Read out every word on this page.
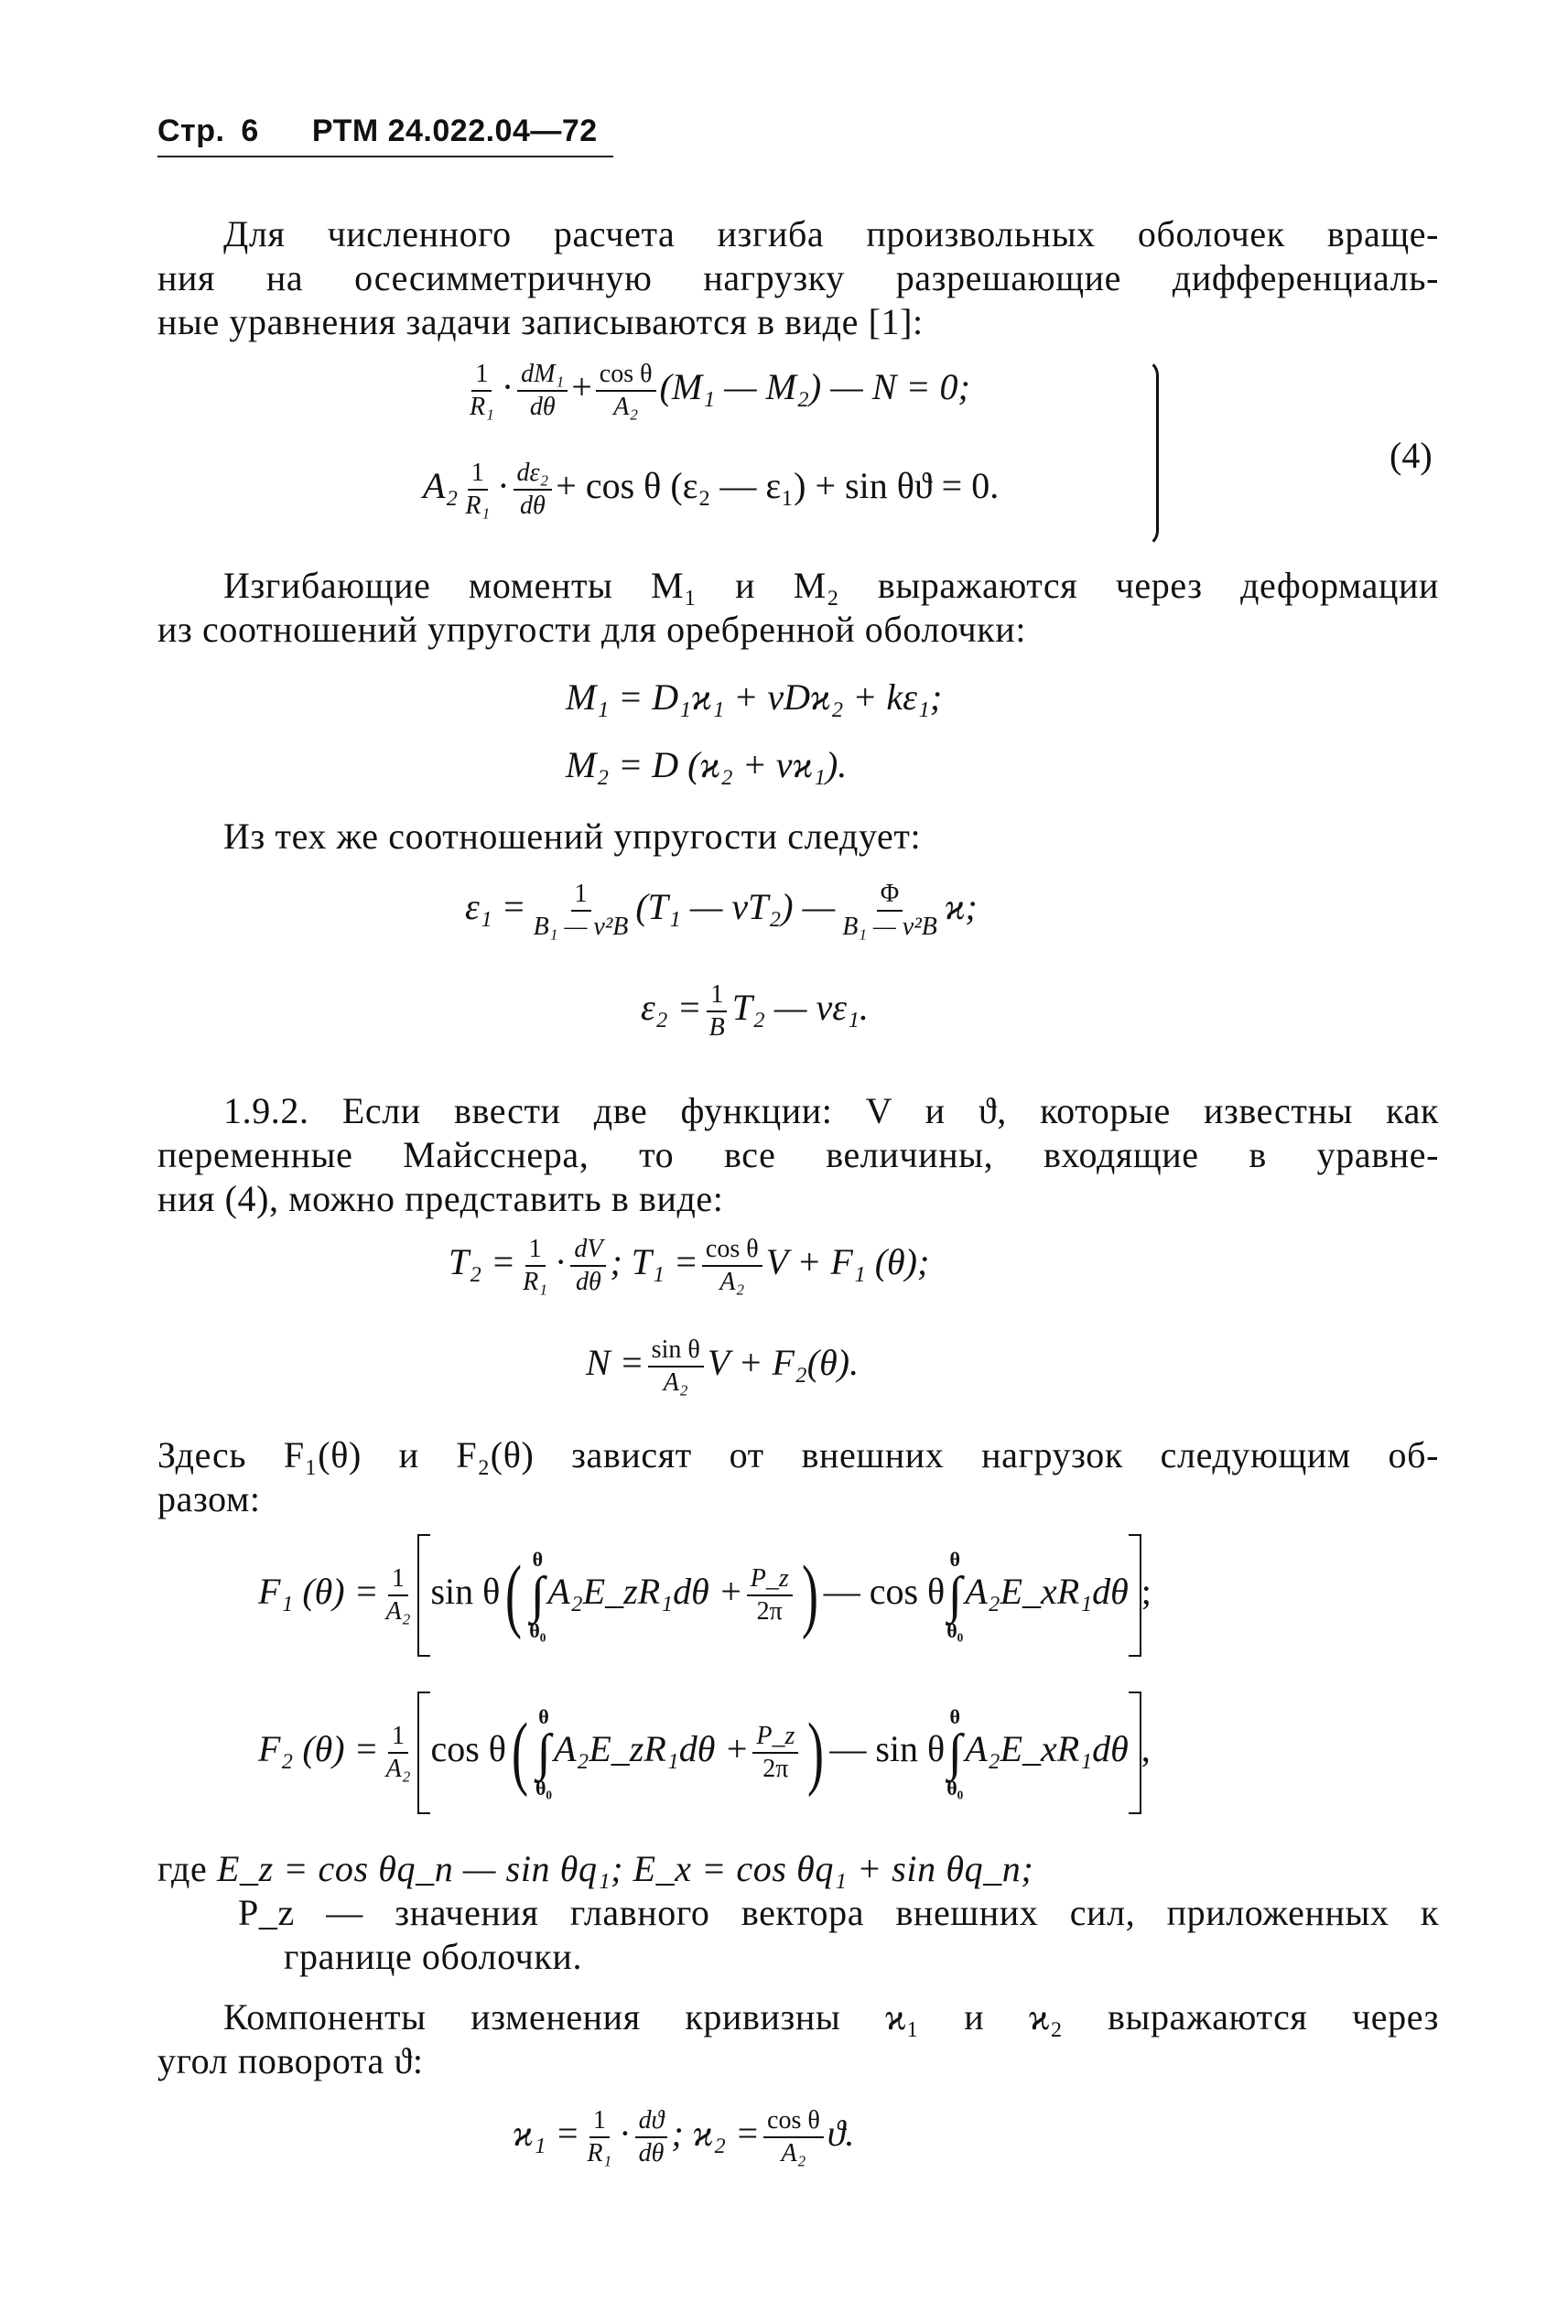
Стр. 6 РТМ 24.022.04—72
Для численного расчета изгиба произвольных оболочек враще-
ния на осесимметричную нагрузку разрешающие дифференциаль-
ные уравнения задачи записываются в виде [1]:
$\frac{1}{\text{R₁}} \cdot \frac{\text{dM₁}}{d\theta} + \frac{\text{cos θ}}{\text{A₂}} (M_1$ — M₂) — N = 0;
$A_2 \frac{1}{\text{R₁}} \cdot \frac{\text{dε₂}}{d\theta} + \cos \theta$ (ε₂ — ε₁) + sin θϑ = 0.
(4)
Изгибающие моменты M₁ и M₂ выражаются через деформации
из соотношений упругости для оребренной оболочки:
M₁ = D₁ϰ₁ + νDϰ₂ + kε₁;
M₂ = D (ϰ₂ + νϰ₁).
Из тех же соотношений упругости следует:
$\varepsilon_1 = \frac{1}{\text{B₁ — ν²B}} (T_1$ — νT₂) — $\frac{\Phi}{\text{B₁ — ν²B}} ϰ$;
$\varepsilon_2 = \frac{1}{B} T_2$ — νε₁.
1.9.2. Если ввести две функции: V и ϑ, которые известны как
переменные Майсснера, то все величины, входящие в уравне-
ния (4), можно представить в виде:
$T_2 = \frac{1}{\text{R₁}} \cdot \frac{dV}{d\theta}$ ; $T_1 = \frac{\text{cos θ}}{\text{A₂}}$ V + F₁ (θ);
$N = \frac{\text{sin θ}}{\text{A₂}}$ V + F₂(θ).
Здесь F₁(θ) и F₂(θ) зависят от внешних нагрузок следующим об-
разом:
F₁ $(\theta) = \frac{1}{\text{A₂}}$ sin θ( θ
∫
θ₀
A₂E_zR₁dθ + $\frac{P\_z}{2\pi}$ ) — cos θ
θ
∫
θ₀
A₂E_xR₁dθ ;
F₂ $(\theta) = \frac{1}{\text{A₂}}$ cos θ( θ
∫
θ₀
A₂E_zR₁dθ + $\frac{P\_z}{2\pi}$ ) — sin θ
θ
∫
θ₀
A₂E_xR₁dθ ,
где E_z = cos θq_n — sin θq₁; E_x = cos θq₁ + sin θq_n;
P_z — значения главного вектора внешних сил, приложенных к
границе оболочки.
Компоненты изменения кривизны ϰ₁ и ϰ₂ выражаются через
угол поворота ϑ:
$ϰ_1 = \frac{1}{\text{R₁}} \cdot \frac{dϑ}{d\theta}$ ; $ϰ_2 = \frac{\text{cos θ}}{\text{A₂}} ϑ$.
